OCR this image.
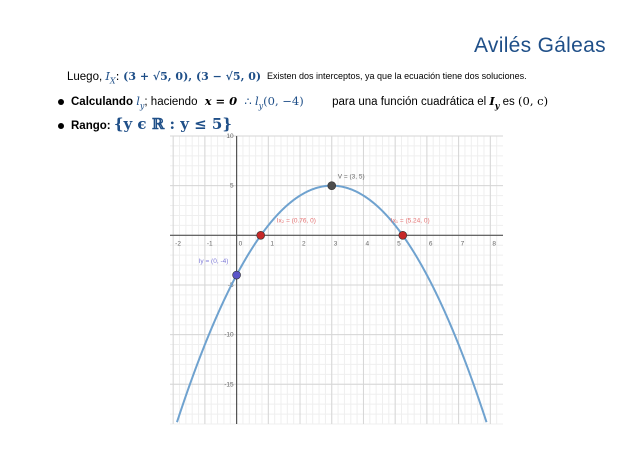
Avilés Gáleas
Luego, $I_X$: (3 + √5, 0), (3 − √5, 0) Existen dos interceptos, ya que la ecuación tiene dos soluciones.
Calculando $l_y$; haciendo x = 0 ∴ $l_y(0$, −4) para una función cuadrática el $I_y$ es (0, c)
Rango: {y ϵ ℝ : y ≤ 5}
-2	-1	0	1	2	3	4	5	6	7	8
10
5
-5
-10
-15
V = (3, 5)
Ix₂ = (0.76, 0)	Ix₁ = (5.24, 0)
Iy = (0, -4)
